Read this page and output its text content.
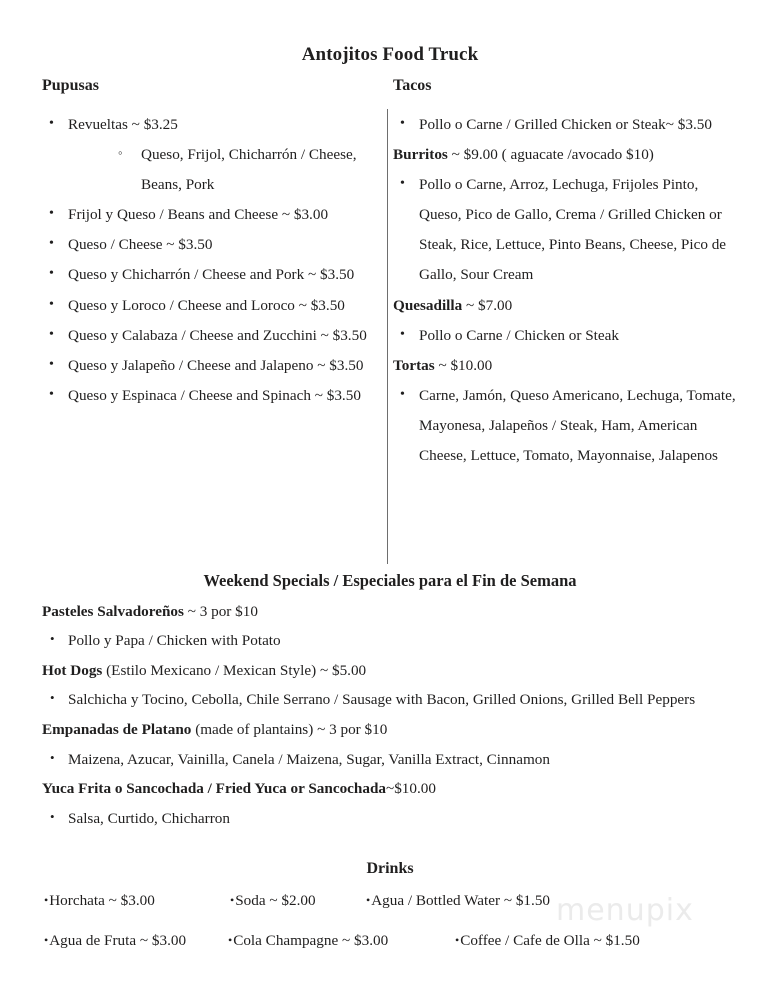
Antojitos Food Truck
Pupusas
• Revueltas ~ $3.25
◦ Queso, Frijol, Chicharrón / Cheese, Beans, Pork
• Frijol y Queso / Beans and Cheese ~ $3.00
• Queso / Cheese ~ $3.50
• Queso y Chicharrón / Cheese and Pork ~ $3.50
• Queso y Loroco / Cheese and Loroco ~ $3.50
• Queso y Calabaza / Cheese and Zucchini ~ $3.50
• Queso y Jalapeño / Cheese and Jalapeno ~ $3.50
• Queso y Espinaca / Cheese and Spinach ~ $3.50
Tacos
• Pollo o Carne / Grilled Chicken or Steak~ $3.50
Burritos ~ $9.00 ( aguacate /avocado $10)
• Pollo o Carne, Arroz, Lechuga, Frijoles Pinto, Queso, Pico de Gallo, Crema / Grilled Chicken or Steak, Rice, Lettuce, Pinto Beans, Cheese, Pico de Gallo, Sour Cream
Quesadilla ~ $7.00
• Pollo o Carne / Chicken or Steak
Tortas ~ $10.00
• Carne, Jamón, Queso Americano, Lechuga, Tomate, Mayonesa, Jalapeños / Steak, Ham, American Cheese, Lettuce, Tomato, Mayonnaise, Jalapenos
Weekend Specials / Especiales para el Fin de Semana
Pasteles Salvadoreños ~ 3 por $10
• Pollo y Papa / Chicken with Potato
Hot Dogs (Estilo Mexicano / Mexican Style) ~ $5.00
• Salchicha y Tocino, Cebolla, Chile Serrano / Sausage with Bacon, Grilled Onions, Grilled Bell Peppers
Empanadas de Platano (made of plantains) ~ 3 por $10
• Maizena, Azucar, Vainilla, Canela / Maizena, Sugar, Vanilla Extract, Cinnamon
Yuca Frita o Sancochada / Fried Yuca or Sancochada~$10.00
• Salsa, Curtido, Chicharron
Drinks
• Horchata ~ $3.00	• Soda ~ $2.00	• Agua / Bottled Water ~ $1.50
• Agua de Fruta ~ $3.00	• Cola Champagne ~ $3.00	• Coffee / Cafe de Olla ~ $1.50
menupix
